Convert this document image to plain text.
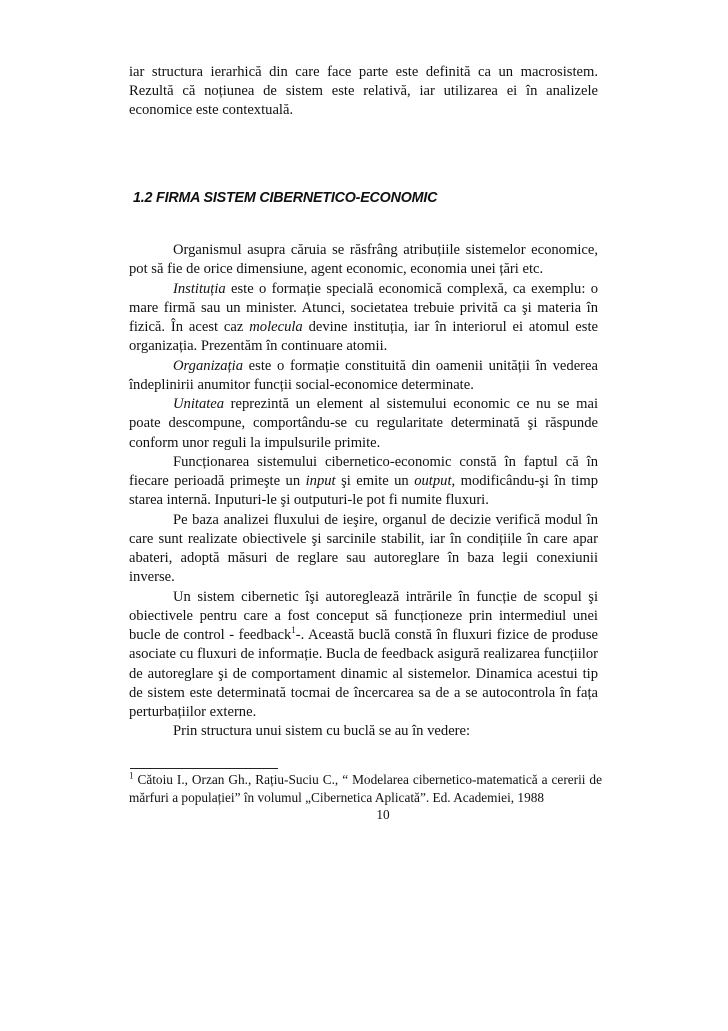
iar structura ierarhică din care face parte este definită ca un macrosistem. Rezultă că noțiunea de sistem este relativă, iar utilizarea ei în analizele economice este contextuală.

1.2 FIRMA SISTEM CIBERNETICO-ECONOMIC

Organismul asupra căruia se răsfrâng atribuțiile sistemelor economice, pot să fie de orice dimensiune, agent economic, economia unei țări etc.

Instituția este o formație specială economică complexă, ca exemplu: o mare firmă sau un minister. Atunci, societatea trebuie privită ca şi materia în fizică. În acest caz molecula devine instituția, iar în interiorul ei atomul este organizația. Prezentăm în continuare atomii.

Organizația este o formație constituită din oamenii unității în vederea îndeplinirii anumitor funcții social-economice determinate.

Unitatea reprezintă un element al sistemului economic ce nu se mai poate descompune, comportându-se cu regularitate determinată şi răspunde conform unor reguli la impulsurile primite.

Funcționarea sistemului cibernetico-economic constă în faptul că în fiecare perioadă primeşte un input şi emite un output, modificându-şi în timp starea internă. Inputuri-le şi outputuri-le pot fi numite fluxuri.

Pe baza analizei fluxului de ieşire, organul de decizie verifică modul în care sunt realizate obiectivele şi sarcinile stabilit, iar în condițiile în care apar abateri, adoptă măsuri de reglare sau autoreglare în baza legii conexiunii inverse.

Un sistem cibernetic îşi autoreglează intrările în funcție de scopul şi obiectivele pentru care a fost conceput să funcționeze prin intermediul unei bucle de control - feedback$^1$-. Această buclă constă în fluxuri fizice de produse asociate cu fluxuri de informație. Bucla de feedback asigură realizarea funcțiilor de autoreglare şi de comportament dinamic al sistemelor. Dinamica acestui tip de sistem este determinată tocmai de încercarea sa de a se autocontrola în fața perturbațiilor externe.

Prin structura unui sistem cu buclă se au în vedere:

$^1$ Cătoiu I., Orzan Gh., Rațiu-Suciu C., “ Modelarea cibernetico-matematică a cererii de mărfuri a populației” în volumul „Cibernetica Aplicată”. Ed. Academiei, 1988
10
